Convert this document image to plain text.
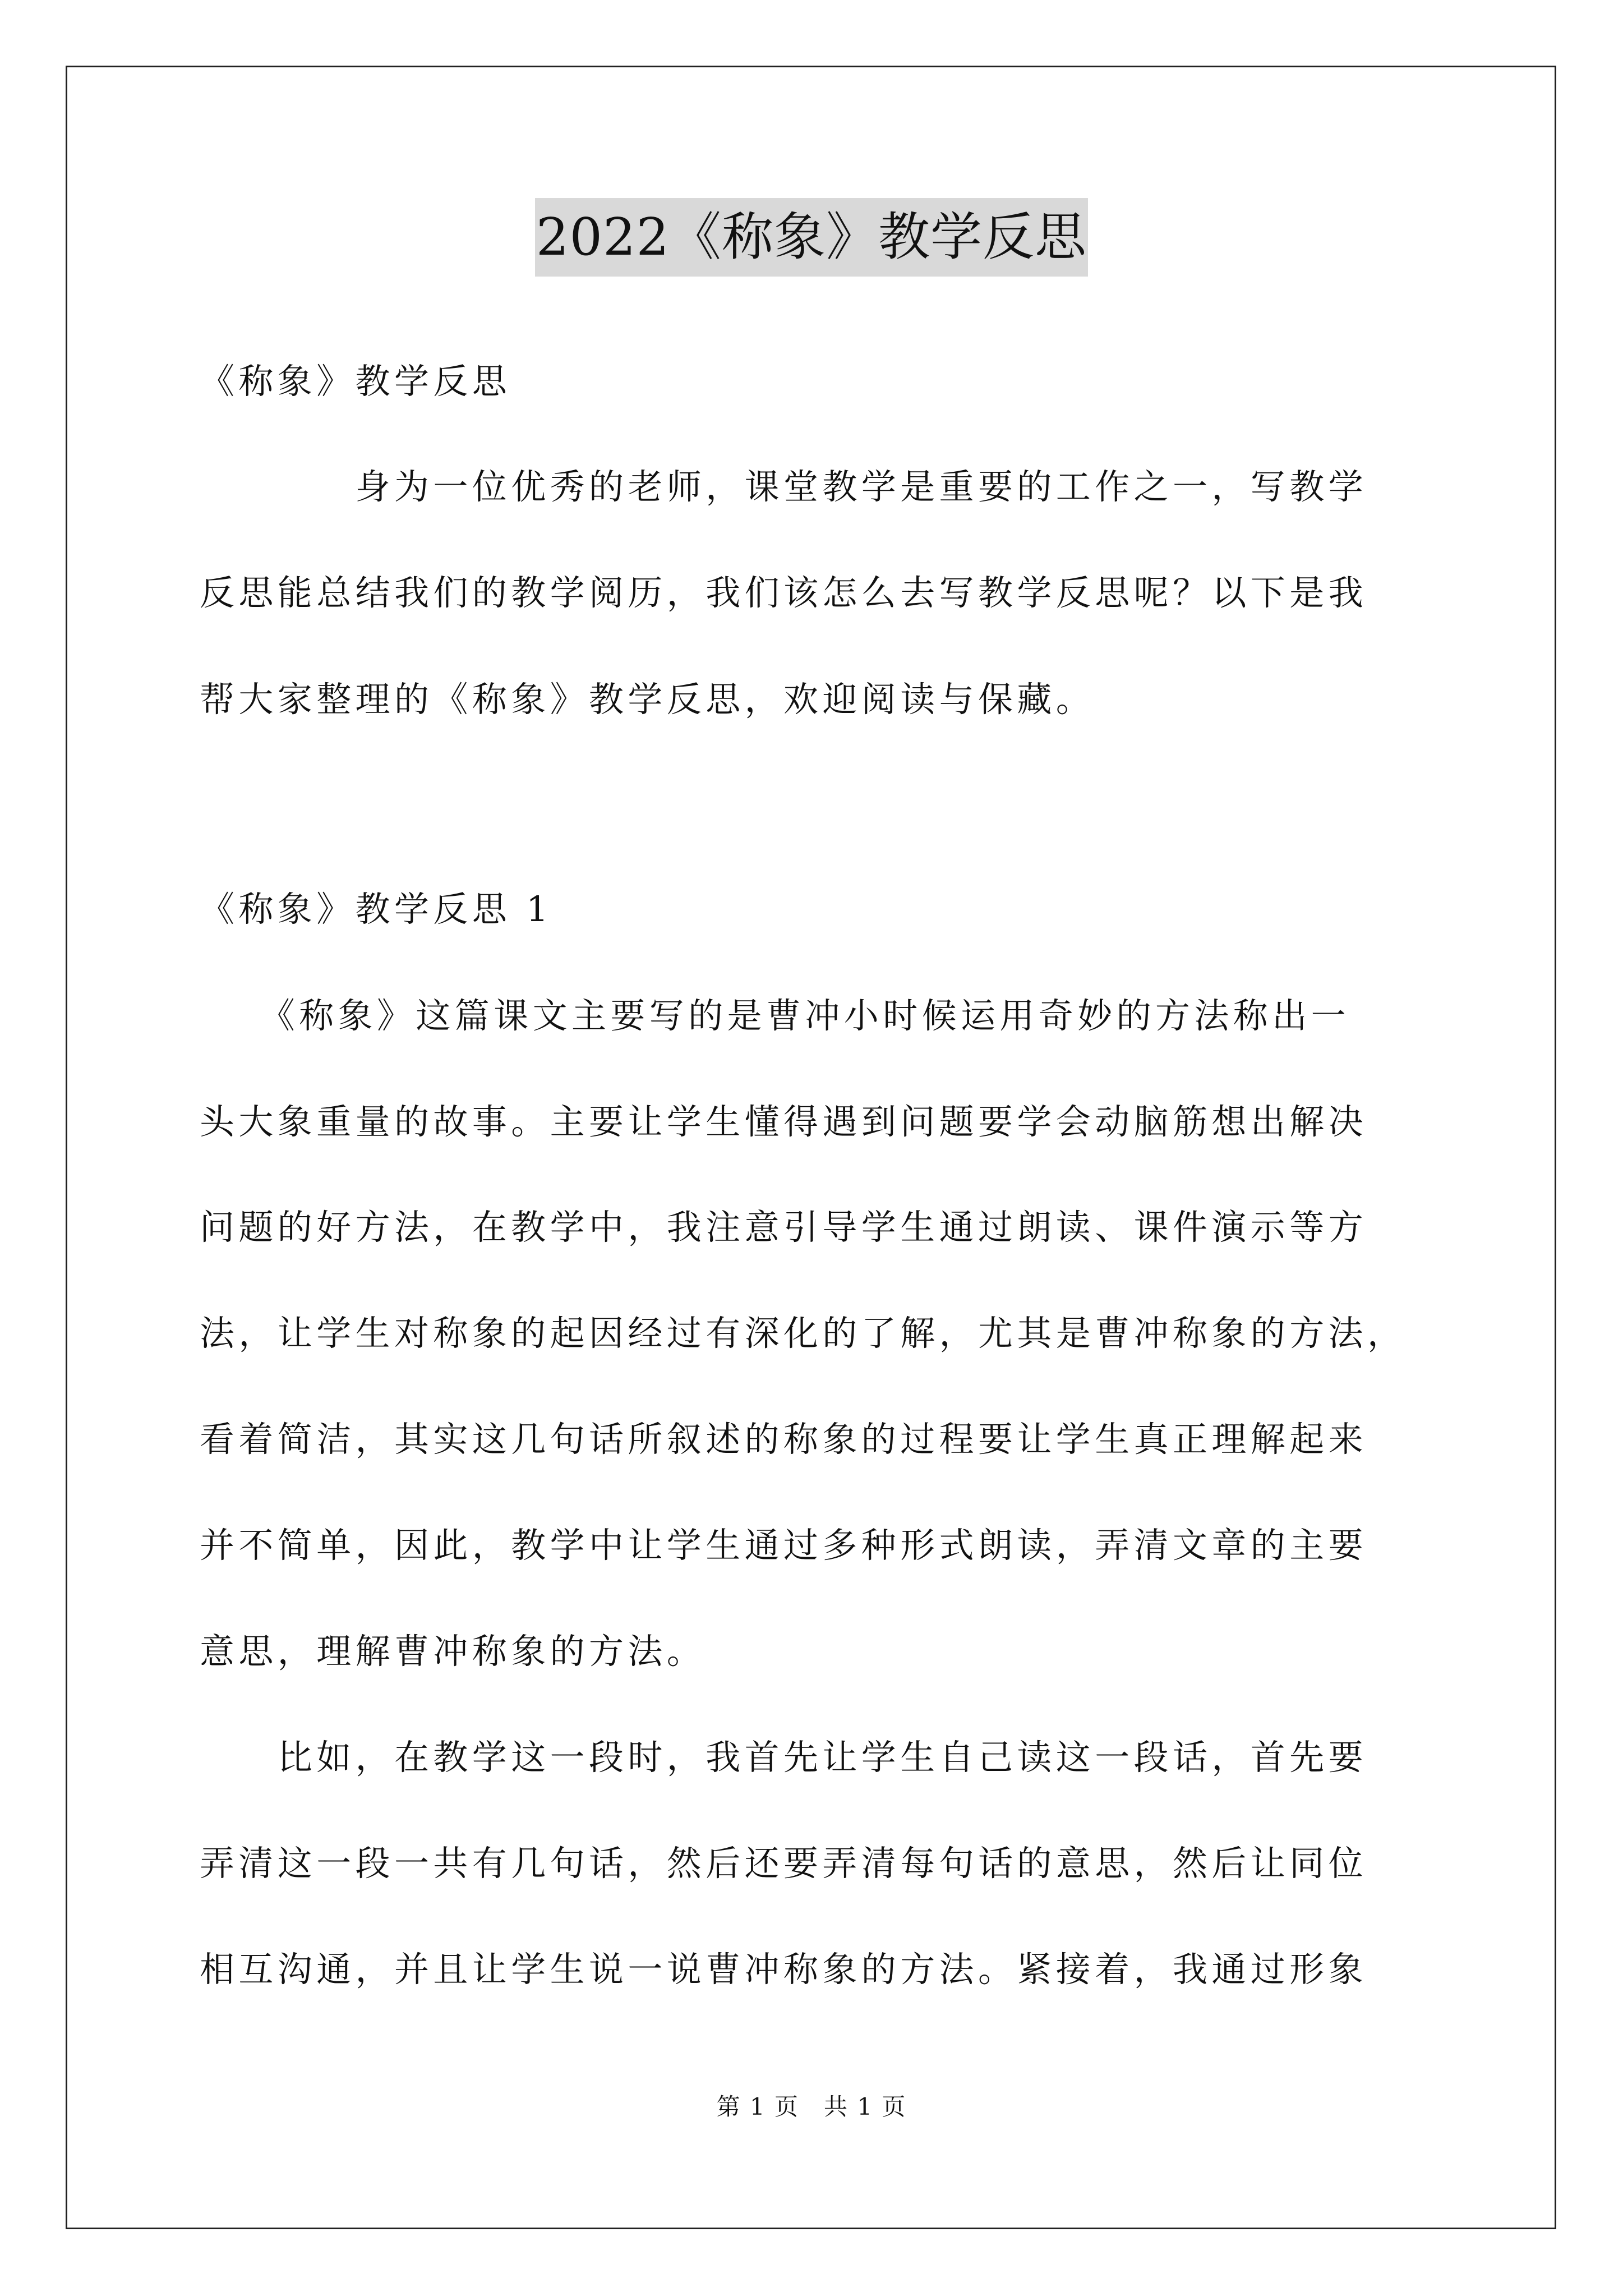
2022《称象》教学反思
《称象》教学反思
　　　　身为一位优秀的老师，课堂教学是重要的工作之一，写教学
反思能总结我们的教学阅历，我们该怎么去写教学反思呢？以下是我
帮大家整理的《称象》教学反思，欢迎阅读与保藏。
《称象》教学反思 1
　　《称象》这篇课文主要写的是曹冲小时候运用奇妙的方法称出一
头大象重量的故事。主要让学生懂得遇到问题要学会动脑筋想出解决
问题的好方法，在教学中，我注意引导学生通过朗读、课件演示等方
法，让学生对称象的起因经过有深化的了解，尤其是曹冲称象的方法，
看着简洁，其实这几句话所叙述的称象的过程要让学生真正理解起来
并不简单，因此，教学中让学生通过多种形式朗读，弄清文章的主要
意思，理解曹冲称象的方法。
　　比如，在教学这一段时，我首先让学生自己读这一段话，首先要
弄清这一段一共有几句话，然后还要弄清每句话的意思，然后让同位
相互沟通，并且让学生说一说曹冲称象的方法。紧接着，我通过形象
第 1 页　共 1 页
